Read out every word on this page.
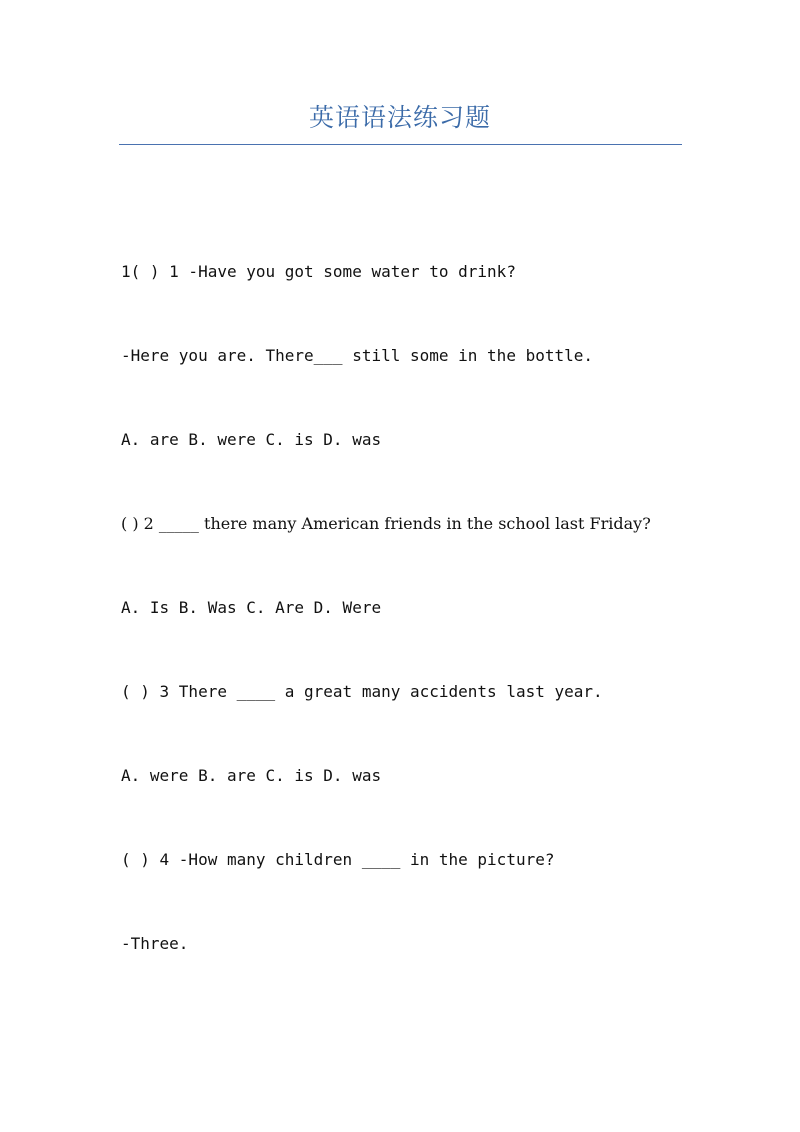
英语语法练习题
1( ) 1 -Have you got some water to drink?
-Here you are. There___ still some in the bottle.
A. are B. were C. is D. was
( ) 2 _____ there many American friends in the school last Friday?
A. Is B. Was C. Are D. Were
( ) 3 There ____ a great many accidents last year.
A. were B. are C. is D. was
( ) 4 -How many children ____ in the picture?
-Three.
